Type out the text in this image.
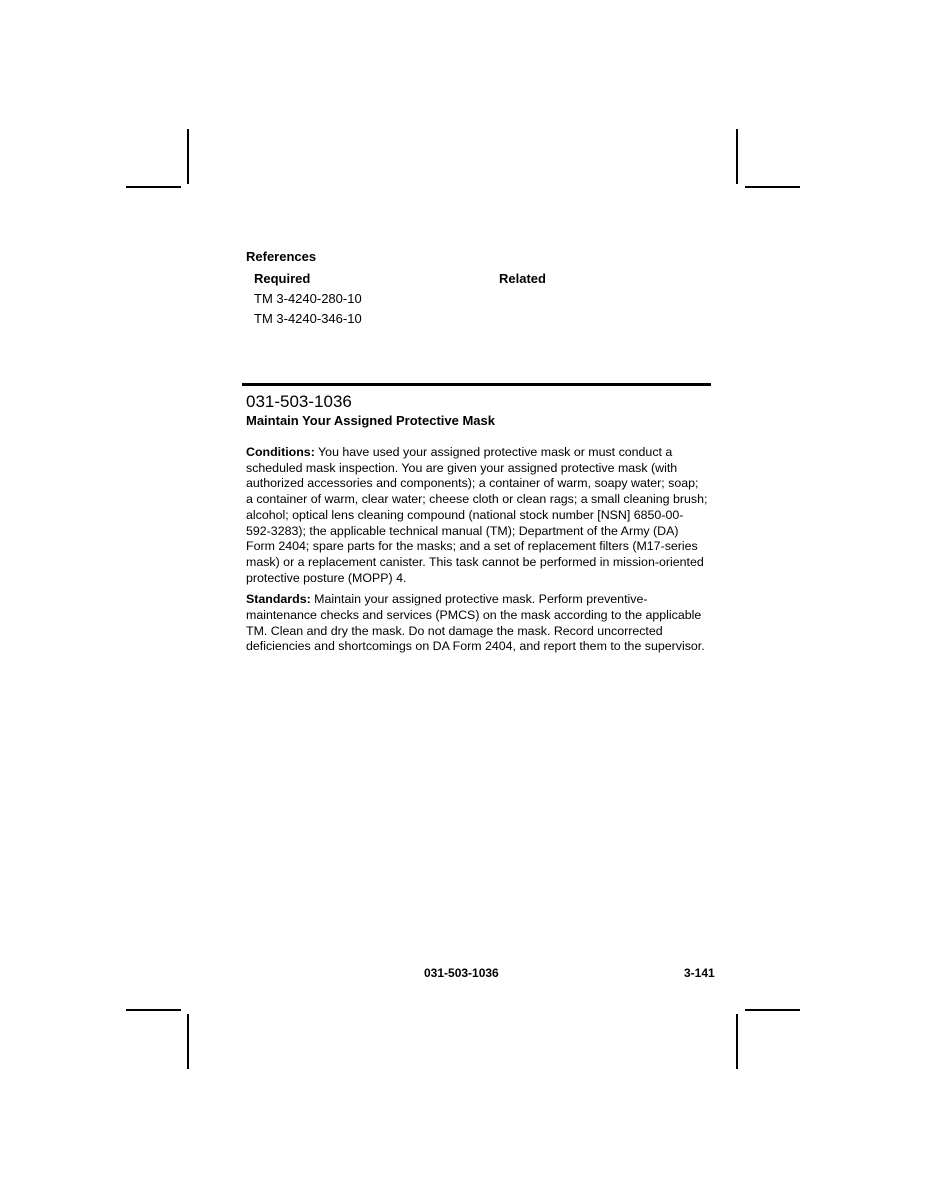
References
Required
TM 3-4240-280-10
TM 3-4240-346-10
Related
031-503-1036
Maintain Your Assigned Protective Mask

Conditions: You have used your assigned protective mask or must conduct a scheduled mask inspection. You are given your assigned protective mask (with authorized accessories and components); a container of warm, soapy water; soap; a container of warm, clear water; cheese cloth or clean rags; a small cleaning brush; alcohol; optical lens cleaning compound (national stock number [NSN] 6850-00-592-3283); the applicable technical manual (TM); Department of the Army (DA) Form 2404; spare parts for the masks; and a set of replacement filters (M17-series mask) or a replacement canister. This task cannot be performed in mission-oriented protective posture (MOPP) 4.

Standards: Maintain your assigned protective mask. Perform preventive-maintenance checks and services (PMCS) on the mask according to the applicable TM. Clean and dry the mask. Do not damage the mask. Record uncorrected deficiencies and shortcomings on DA Form 2404, and report them to the supervisor.

031-503-1036	3-141
